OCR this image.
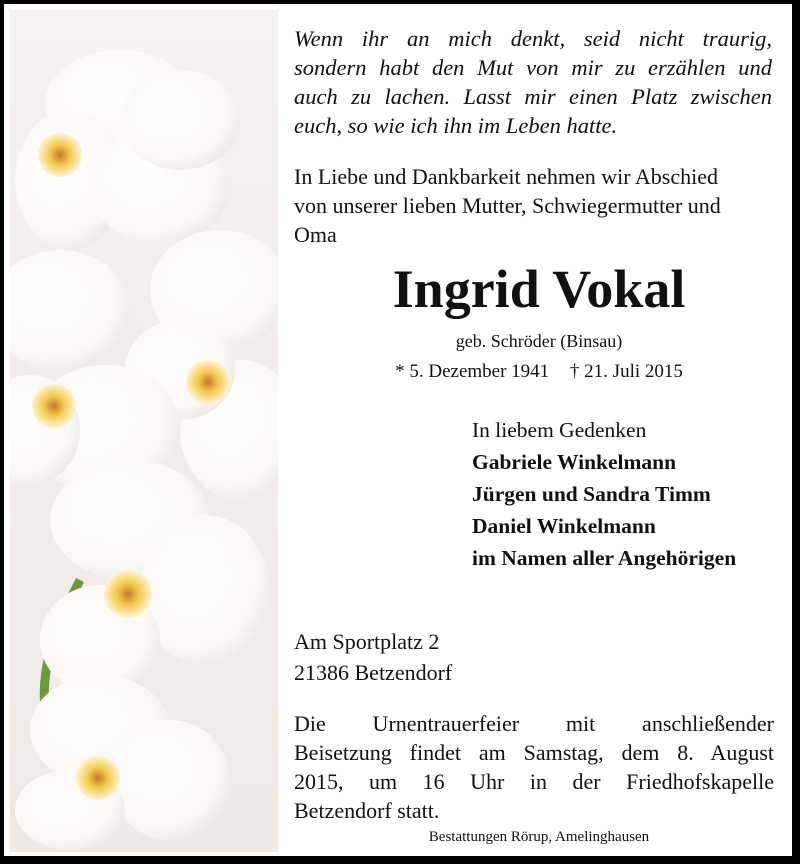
Wenn ihr an mich denkt, seid nicht traurig,
sondern habt den Mut von mir zu erzählen und
auch zu lachen. Lasst mir einen Platz zwischen
euch, so wie ich ihn im Leben hatte.
In Liebe und Dankbarkeit nehmen wir Abschied
von unserer lieben Mutter, Schwiegermutter und
Oma
Ingrid Vokal
geb. Schröder (Binsau)
* 5. Dezember 1941 † 21. Juli 2015
In liebem Gedenken
Gabriele Winkelmann
Jürgen und Sandra Timm
Daniel Winkelmann
im Namen aller Angehörigen
Am Sportplatz 2
21386 Betzendorf
Die Urnentrauerfeier mit anschließender
Beisetzung findet am Samstag, dem 8. August
2015, um 16 Uhr in der Friedhofskapelle
Betzendorf statt.
Bestattungen Rörup, Amelinghausen
